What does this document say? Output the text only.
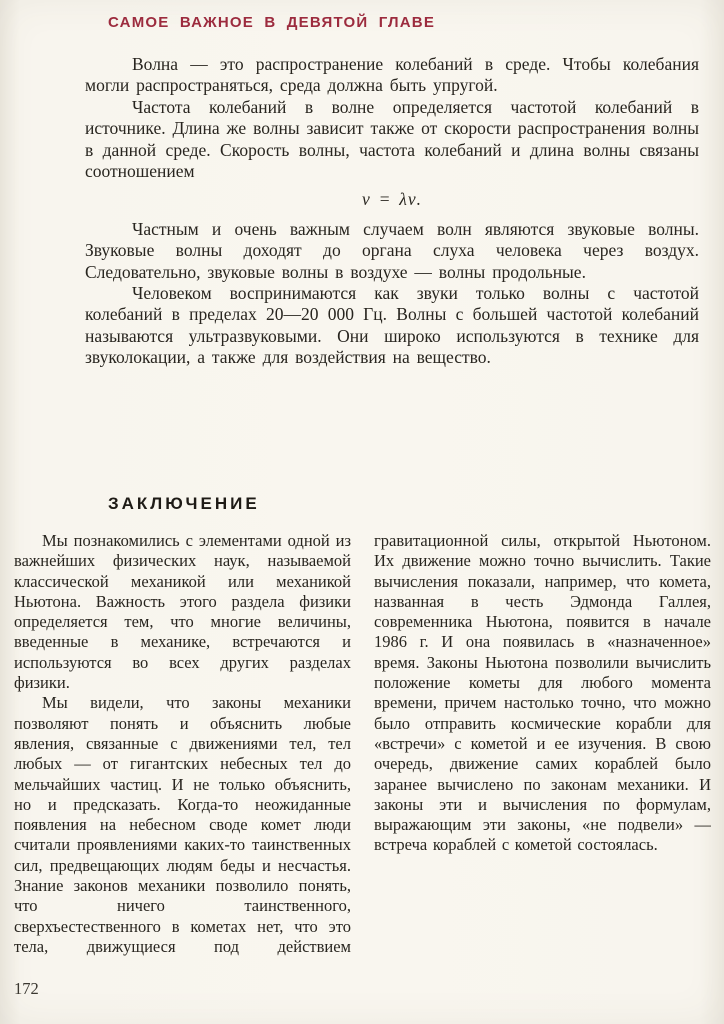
САМОЕ ВАЖНОЕ В ДЕВЯТОЙ ГЛАВЕ

Волна — это распространение колебаний в среде. Чтобы колебания могли распространяться, среда должна быть упругой.

Частота колебаний в волне определяется частотой колебаний в источнике. Длина же волны зависит также от скорости распространения волны в данной среде. Скорость волны, частота колебаний и длина волны связаны соотношением

v = λν.

Частным и очень важным случаем волн являются звуковые волны. Звуковые волны доходят до органа слуха человека через воздух. Следовательно, звуковые волны в воздухе — волны продольные.

Человеком воспринимаются как звуки только волны с частотой колебаний в пределах 20—20 000 Гц. Волны с большей частотой колебаний называются ультразвуковыми. Они широко используются в технике для звуколокации, а также для воздействия на вещество.

ЗАКЛЮЧЕНИЕ

Мы познакомились с элементами одной из важнейших физических наук, называемой классической механикой или механикой Ньютона. Важность этого раздела физики определяется тем, что многие величины, введенные в механике, встречаются и используются во всех других разделах физики.

Мы видели, что законы механики позволяют понять и объяснить любые явления, связанные с движениями тел, тел любых — от гигантских небесных тел до мельчайших частиц. И не только объяснить, но и предсказать. Когда-то неожиданные появления на небесном своде комет люди считали проявлениями каких-то таинственных сил, предвещающих людям беды и несчастья. Знание законов механики позволило понять, что ничего таинственного, сверхъестественного в кометах нет, что это тела, движущиеся под действием гравитационной силы, открытой Ньютоном. Их движение можно точно вычислить. Такие вычисления показали, например, что комета, названная в честь Эдмонда Галлея, современника Ньютона, появится в начале 1986 г. И она появилась в «назначенное» время. Законы Ньютона позволили вычислить положение кометы для любого момента времени, причем настолько точно, что можно было отправить космические корабли для «встречи» с кометой и ее изучения. В свою очередь, движение самих кораблей было заранее вычислено по законам механики. И законы эти и вычисления по формулам, выражающим эти законы, «не подвели» — встреча кораблей с кометой состоялась.

172
